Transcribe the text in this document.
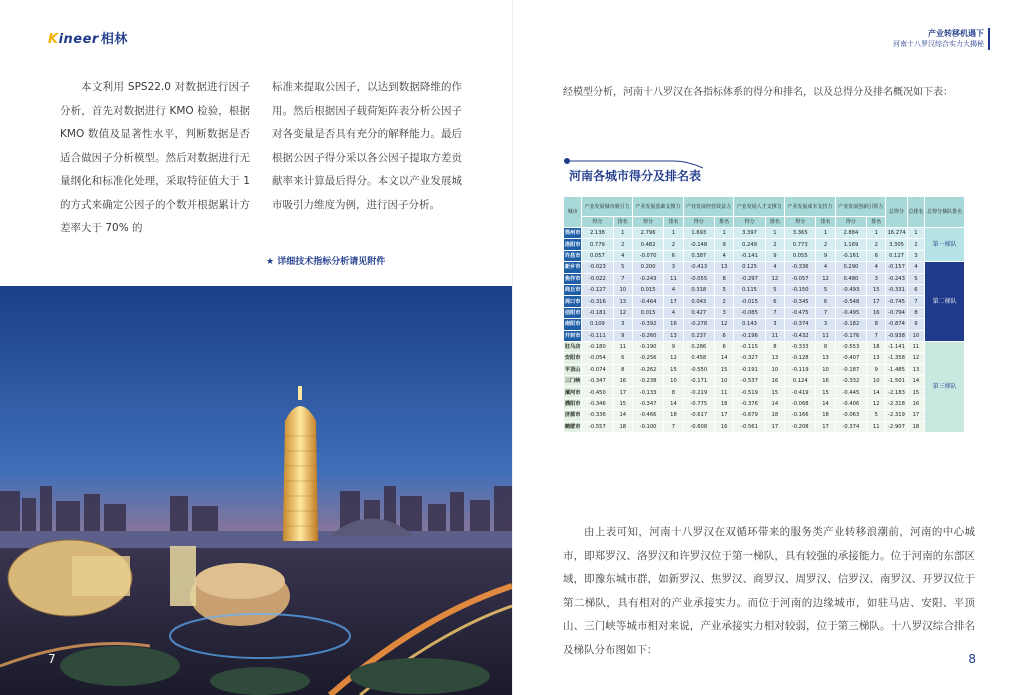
Kineer 相林

本文利用 SPS22.0 对数据进行因子分析，首先对数据进行 KMO 检验，根据 KMO 数值及显著性水平，判断数据是否适合做因子分析模型。然后对数据进行无量纲化和标准化处理，采取特征值大于 1 的方式来确定公因子的个数并根据累计方差率大于 70% 的

标准来提取公因子，以达到数据降维的作用。然后根据因子载荷矩阵表分析公因子对各变量是否具有充分的解释能力。最后根据公因子得分采以各公因子提取方差贡献率来计算最后得分。本文以产业发展城市吸引力维度为例，进行因子分析。

★ 详细技术指标分析请见附件
7
产业转移机遇下
河南十八罗汉综合实力大揭秘
经模型分析，河南十八罗汉在各指标体系的得分和排名，以及总得分及排名概况如下表：
河南各城市得分及排名表
城市	产业发展城市吸引力		产业发展基础支撑力		产业发展经营效益力		产业发展人才支撑力		产业发展成本支持力		产业发展创新引领力		总得分	总排名	总得分梯队排名
	得分	排名	得分	排名	得分	排名	得分	排名	得分	排名	得分	排名			
郑州市	2.138	1	2.796	1	1.693	1	3.397	1	3.365	1	2.884	1	16.274	1	第一梯队
洛阳市	0.779	2	0.482	2	-0.148	9	0.249	2	0.773	2	1.169	2	3.305	2	
许昌市	0.057	4	-0.070	6	0.387	4	-0.141	9	0.055	9	-0.161	6	0.127	3	
新乡市	-0.023	5	0.200	3	-0.413	13	0.125	4	-0.336	4	0.290	4	-0.157	4	第二梯队
焦作市	-0.022	7	-0.243	11	-0.055	8	-0.297	12	-0.057	12	0.480	3	-0.243	5	
商丘市	-0.127	10	0.015	4	0.318	5	0.115	5	-0.150	5	-0.493	15	-0.331	6	
周口市	-0.316	13	-0.464	17	0.043	2	-0.015	6	-0.345	6	-0.548	17	-0.745	7	
信阳市	-0.181	12	0.015	4	0.427	3	-0.085	7	-0.475	7	-0.495	16	-0.794	8	
南阳市	0.109	3	-0.392	16	-0.278	12	0.143	3	-0.374	3	-0.182	8	-0.874	9	
开封市	-0.111	9	-0.260	13	0.237	6	-0.196	11	-0.432	11	-0.176	7	-0.938	10	
驻马店	-0.180	11	-0.190	9	0.286	6	-0.115	8	-0.333	8	-0.553	18	-1.141	11	第三梯队
安阳市	-0.054	6	-0.256	12	0.458	14	-0.327	13	-0.128	13	-0.407	13	-1.358	12	
平顶山	-0.074	8	-0.262	15	-0.550	15	-0.191	10	-0.119	10	-0.187	9	-1.485	13	
三门峡	-0.347	16	-0.238	10	-0.171	10	-0.537	16	0.124	16	-0.332	10	-1.501	14	
漯河市	-0.450	17	-0.133	8	-0.219	11	-0.519	15	-0.419	15	-0.445	14	-2.183	15	
濮阳市	-0.346	15	-0.347	14	-0.775	18	-0.376	14	-0.068	14	-0.406	12	-2.318	16	
济源市	-0.336	14	-0.466	18	-0.617	17	-0.679	18	-0.166	18	-0.063	5	-2.319	17	
鹤壁市	-0.557	18	-0.100	7	-0.608	16	-0.561	17	-0.208	17	-0.374	11	-2.907	18	

由上表可知，河南十八罗汉在双循环带来的服务类产业转移浪潮前，河南的中心城市，即郑罗汉、洛罗汉和许罗汉位于第一梯队，具有较强的承接能力。位于河南的东部区域，即豫东城市群，如新罗汉、焦罗汉、商罗汉、周罗汉、信罗汉、南罗汉、开罗汉位于第二梯队，具有相对的产业承接实力。而位于河南的边缘城市，如驻马店、安阳、平顶山、三门峡等城市相对来说，产业承接实力相对较弱，位于第三梯队。十八罗汉综合排名及梯队分布图如下：

8
